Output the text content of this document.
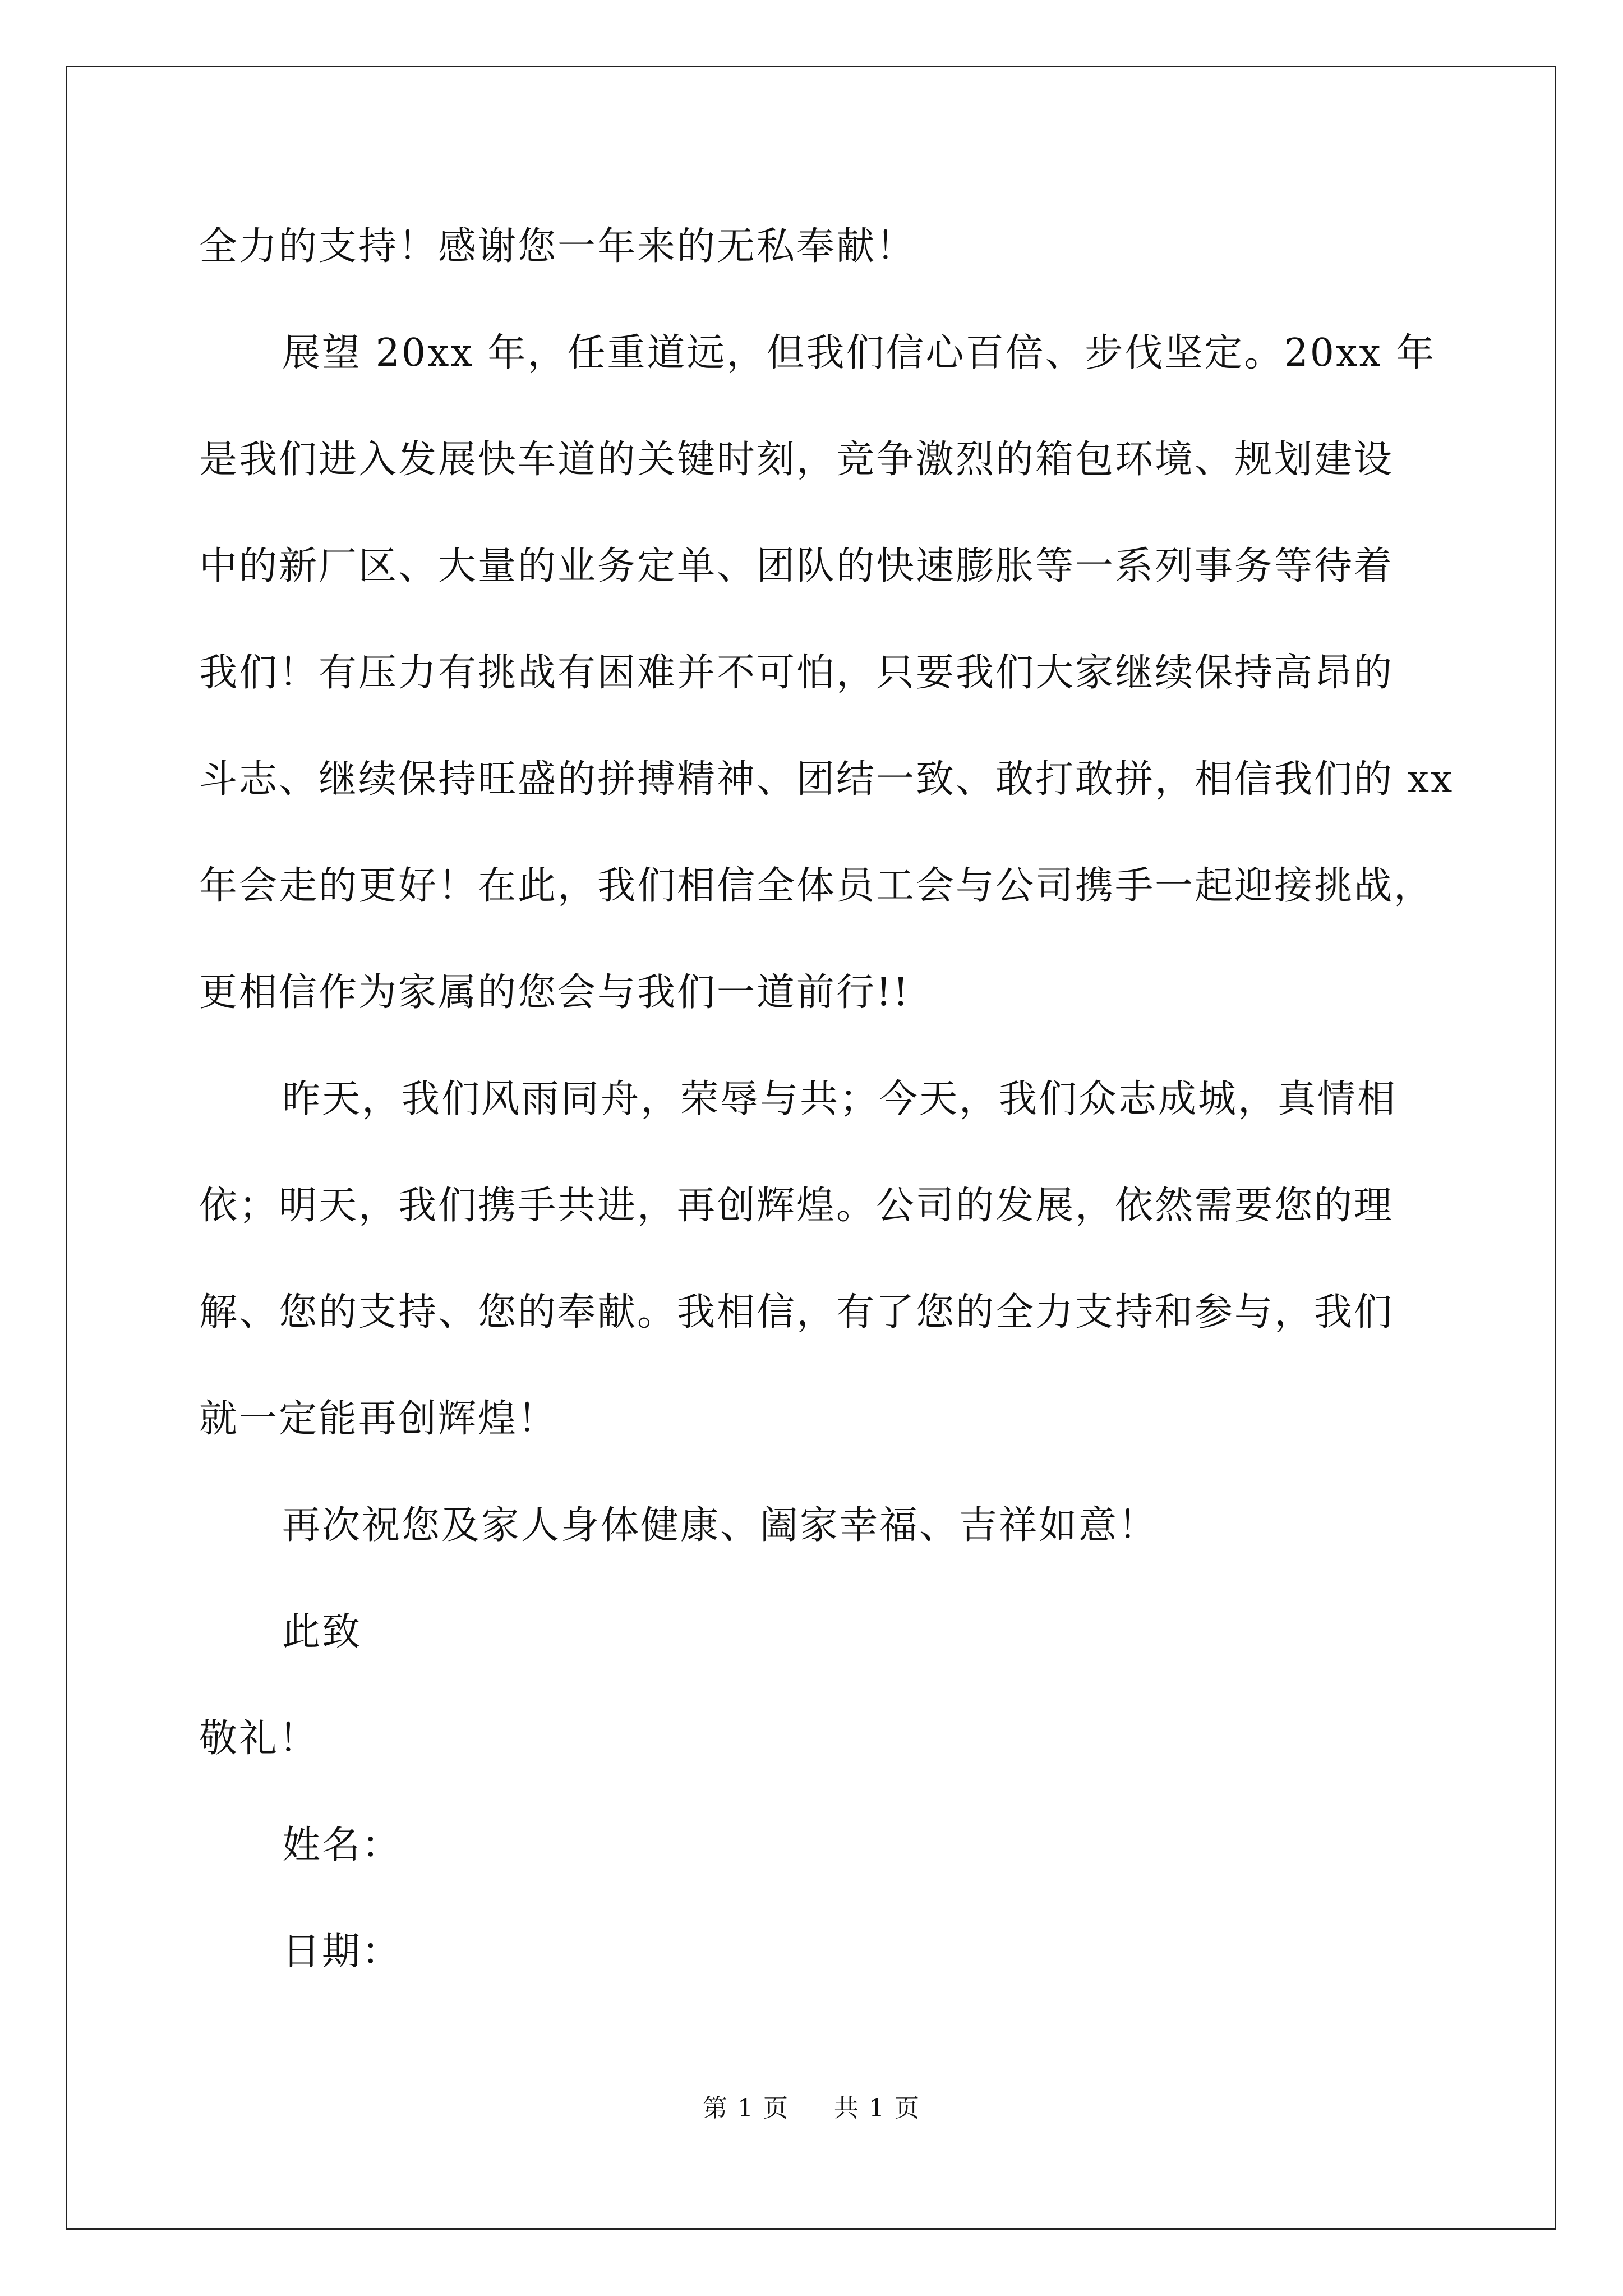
全力的支持！感谢您一年来的无私奉献！
展望 20xx 年，任重道远，但我们信心百倍、步伐坚定。20xx 年
是我们进入发展快车道的关键时刻，竞争激烈的箱包环境、规划建设
中的新厂区、大量的业务定单、团队的快速膨胀等一系列事务等待着
我们！有压力有挑战有困难并不可怕，只要我们大家继续保持高昂的
斗志、继续保持旺盛的拼搏精神、团结一致、敢打敢拼，相信我们的 xx
年会走的更好！在此，我们相信全体员工会与公司携手一起迎接挑战，
更相信作为家属的您会与我们一道前行!!
昨天，我们风雨同舟，荣辱与共；今天，我们众志成城，真情相
依；明天，我们携手共进，再创辉煌。公司的发展，依然需要您的理
解、您的支持、您的奉献。我相信，有了您的全力支持和参与，我们
就一定能再创辉煌！
再次祝您及家人身体健康、阖家幸福、吉祥如意！
此致
敬礼！
姓名：
日期：
第 1 页 共 1 页
